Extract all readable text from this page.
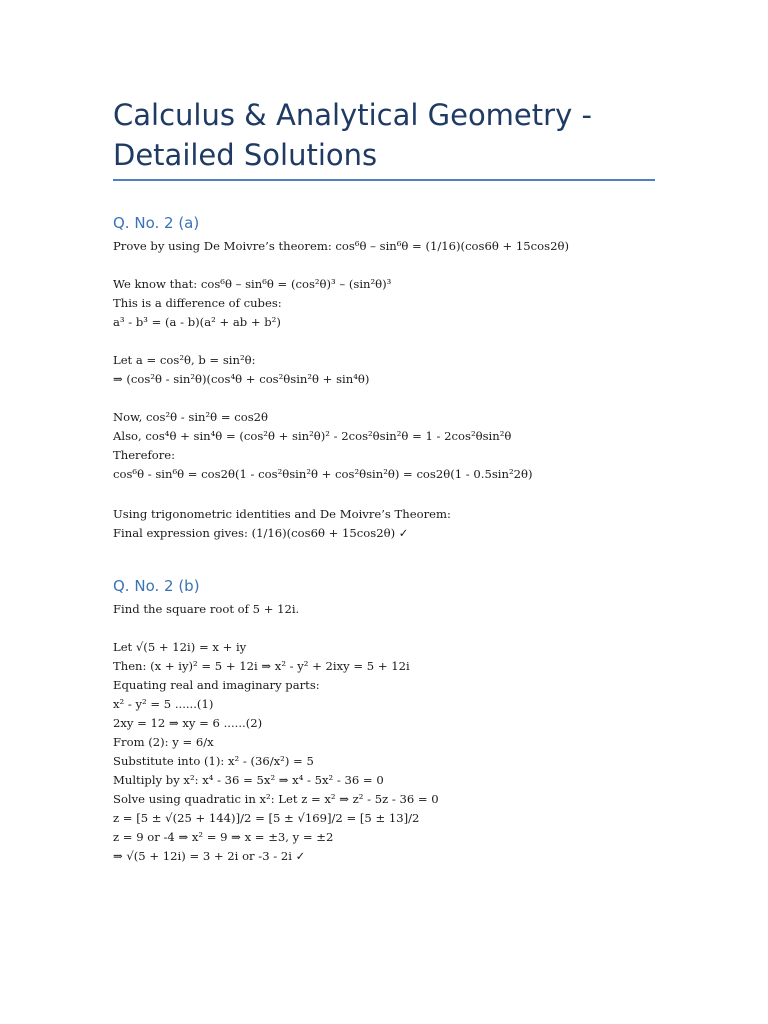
Calculus & Analytical Geometry -
Detailed Solutions
Q. No. 2 (a)
Prove by using De Moivre’s theorem: cos⁶θ – sin⁶θ = (1/16)(cos6θ + 15cos2θ)
We know that: cos⁶θ – sin⁶θ = (cos²θ)³ – (sin²θ)³
This is a difference of cubes:
a³ - b³ = (a - b)(a² + ab + b²)
Let a = cos²θ, b = sin²θ:
⇒ (cos²θ - sin²θ)(cos⁴θ + cos²θsin²θ + sin⁴θ)
Now, cos²θ - sin²θ = cos2θ
Also, cos⁴θ + sin⁴θ = (cos²θ + sin²θ)² - 2cos²θsin²θ = 1 - 2cos²θsin²θ
Therefore:
cos⁶θ - sin⁶θ = cos2θ(1 - cos²θsin²θ + cos²θsin²θ) = cos2θ(1 - 0.5sin²2θ)
Using trigonometric identities and De Moivre’s Theorem:
Final expression gives: (1/16)(cos6θ + 15cos2θ) ✓
Q. No. 2 (b)
Find the square root of 5 + 12i.
Let √(5 + 12i) = x + iy
Then: (x + iy)² = 5 + 12i ⇒ x² - y² + 2ixy = 5 + 12i
Equating real and imaginary parts:
x² - y² = 5 ......(1)
2xy = 12 ⇒ xy = 6 ......(2)
From (2): y = 6/x
Substitute into (1): x² - (36/x²) = 5
Multiply by x²: x⁴ - 36 = 5x² ⇒ x⁴ - 5x² - 36 = 0
Solve using quadratic in x²: Let z = x² ⇒ z² - 5z - 36 = 0
z = [5 ± √(25 + 144)]/2 = [5 ± √169]/2 = [5 ± 13]/2
z = 9 or -4 ⇒ x² = 9 ⇒ x = ±3, y = ±2
⇒ √(5 + 12i) = 3 + 2i or -3 - 2i ✓
